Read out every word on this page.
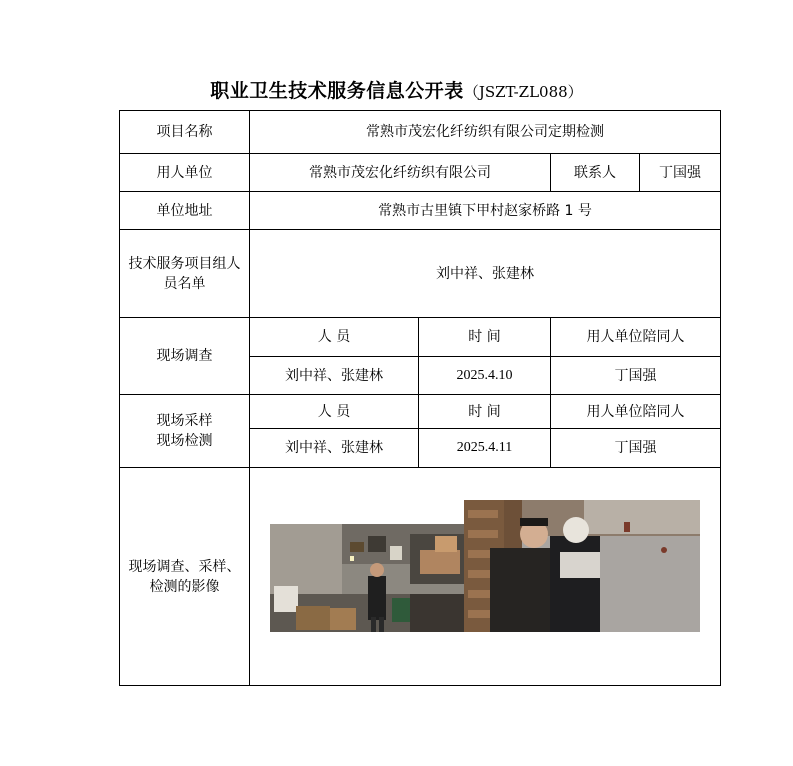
职业卫生技术服务信息公开表（JSZT-ZL088）
项目名称	常熟市茂宏化纤纺织有限公司定期检测			
用人单位	常熟市茂宏化纤纺织有限公司		联系人	丁国强
单位地址	常熟市古里镇下甲村赵家桥路 1 号			
技术服务项目组人员名单	刘中祥、张建林			
现场调查	人 员	时 间	用人单位陪同人	
	刘中祥、张建林	2025.4.10	丁国强	

现场采样
现场检测	人 员	时 间	用人单位陪同人	
	刘中祥、张建林	2025.4.11	丁国强	

现场调查、采样、
检测的影像
